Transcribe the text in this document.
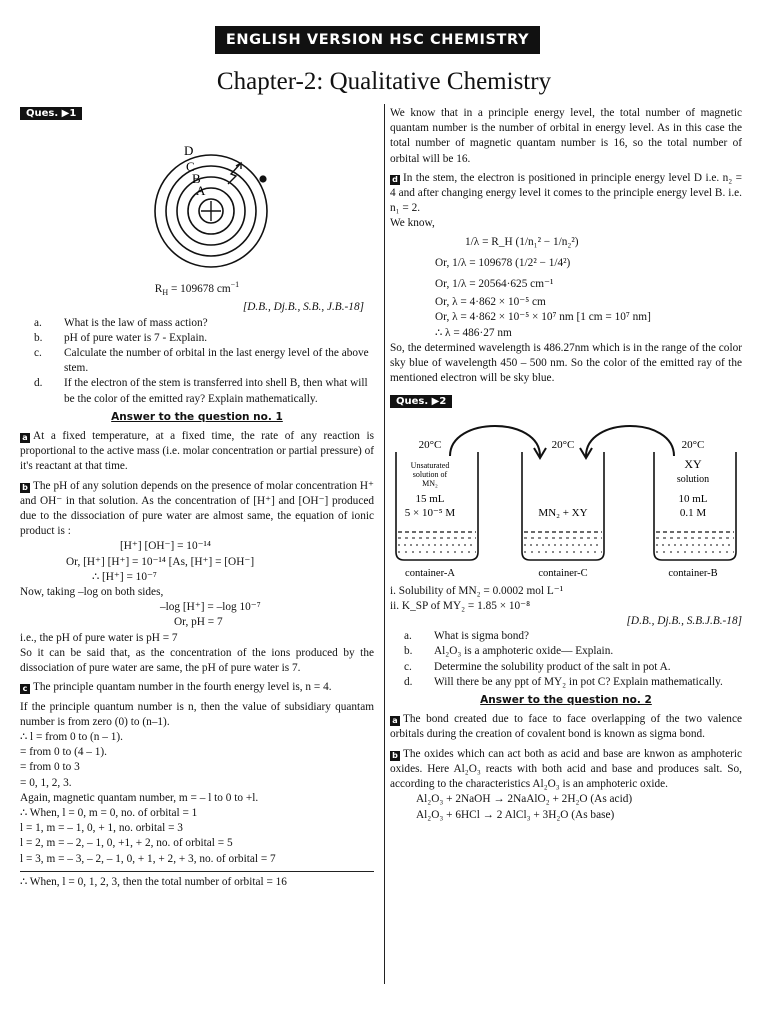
ENGLISH VERSION HSC CHEMISTRY
Chapter-2: Qualitative Chemistry
Ques. ▶1
D
C
B
A
$R_H = 109678$ $cm^{-1}$
[D.B., Dj.B., S.B., J.B.-18]
a.	What is the law of mass action?
b.	pH of pure water is 7 - Explain.
c.	Calculate the number of orbital in the last energy level of the above stem.
d.	If the electron of the stem is transferred into shell B, then what will be the color of the emitted ray? Explain mathematically.
Answer to the question no. 1
a At a fixed temperature, at a fixed time, the rate of any reaction is proportional to the active mass (i.e. molar concentration or partial pressure) of it's reactant at that time.
b The pH of any solution depends on the presence of molar concentration H⁺ and OH⁻ in that solution. As the concentration of [H⁺] and [OH⁻] produced due to the dissociation of pure water are almost same, the equation of ionic product is :
[H⁺] [OH⁻] = 10⁻¹⁴
Or, [H⁺] [H⁺] = 10⁻¹⁴ [As, [H⁺] = [OH⁻]
∴ [H⁺] = 10⁻⁷
Now, taking –log on both sides,
–log [H⁺] = –log 10⁻⁷
Or, pH = 7
i.e., the pH of pure water is pH = 7
So it can be said that, as the concentration of the ions produced by the dissociation of pure water are same, the pH of pure water is 7.
c The principle quantam number in the fourth energy level is, n = 4.
If the principle quantum number is n, then the value of subsidiary quantam number is from zero (0) to (n–1).
∴ l = from 0 to (n – 1).
= from 0 to (4 – 1).
= from 0 to 3
= 0, 1, 2, 3.
Again, magnetic quantam number, m = – l to 0 to +l.
∴ When, l = 0, m = 0, no. of orbital = 1
l = 1, m = – 1, 0, + 1, no. orbital = 3
l = 2, m = – 2, – 1, 0, +1, + 2, no. of orbital = 5
l = 3, m = – 3, – 2, – 1, 0, + 1, + 2, + 3, no. of orbital = 7
∴ When, l = 0, 1, 2, 3, then the total number of orbital = 16
We know that in a principle energy level, the total number of magnetic quantam number is the number of orbital in energy level. As in this case the total number of magnetic quantam number is 16, so the total number of orbital will be 16.
d In the stem, the electron is positioned in principle energy level D i.e. n₂ = 4 and after changing energy level it comes to the principle energy level B. i.e. n₁ = 2.
We know,
1/λ = R_H (1/n₁² − 1/n₂²)
Or, 1/λ = 109678 (1/2² − 1/4²)
Or, 1/λ = 20564·625 cm⁻¹
Or, λ = 4·862 × 10⁻⁵ cm
Or, λ = 4·862 × 10⁻⁵ × 10⁷ nm [1 cm = 10⁷ nm]
∴ λ = 486·27 nm
So, the determined wavelength is 486.27nm which is in the range of the color sky blue of wavelength 450 – 500 nm. So the color of the emitted ray of the mentioned electron will be sky blue.
Ques. ▶2
20°C	20°C	20°C
Unsaturated
solution of
MN₂
15 mL
5 × 10⁻⁵ M	MN₂ + XY
XY
solution
10 mL
0.1 M
container-A	container-C	container-B
i. Solubility of MN₂ = 0.0002 mol L⁻¹
ii. K_SP of MY₂ = 1.85 × 10⁻⁸
[D.B., Dj.B., S.B.J.B.-18]
a.	What is sigma bond?
b.	Al₂O₃ is a amphoteric oxide— Explain.
c.	Determine the solubility product of the salt in pot A.
d.	Will there be any ppt of MY₂ in pot C? Explain mathematically.
Answer to the question no. 2
a The bond created due to face to face overlapping of the two valence orbitals during the creation of covalent bond is known as sigma bond.
b The oxides which can act both as acid and base are knwon as amphoteric oxides. Here Al₂O₃ reacts with both acid and base and produces salt. So, according to the characteristics Al₂O₃ is an amphoteric oxide.
Al₂O₃ + 2NaOH → 2NaAlO₂ + 2H₂O (As acid)
Al₂O₃ + 6HCl → 2 AlCl₃ + 3H₂O (As base)
